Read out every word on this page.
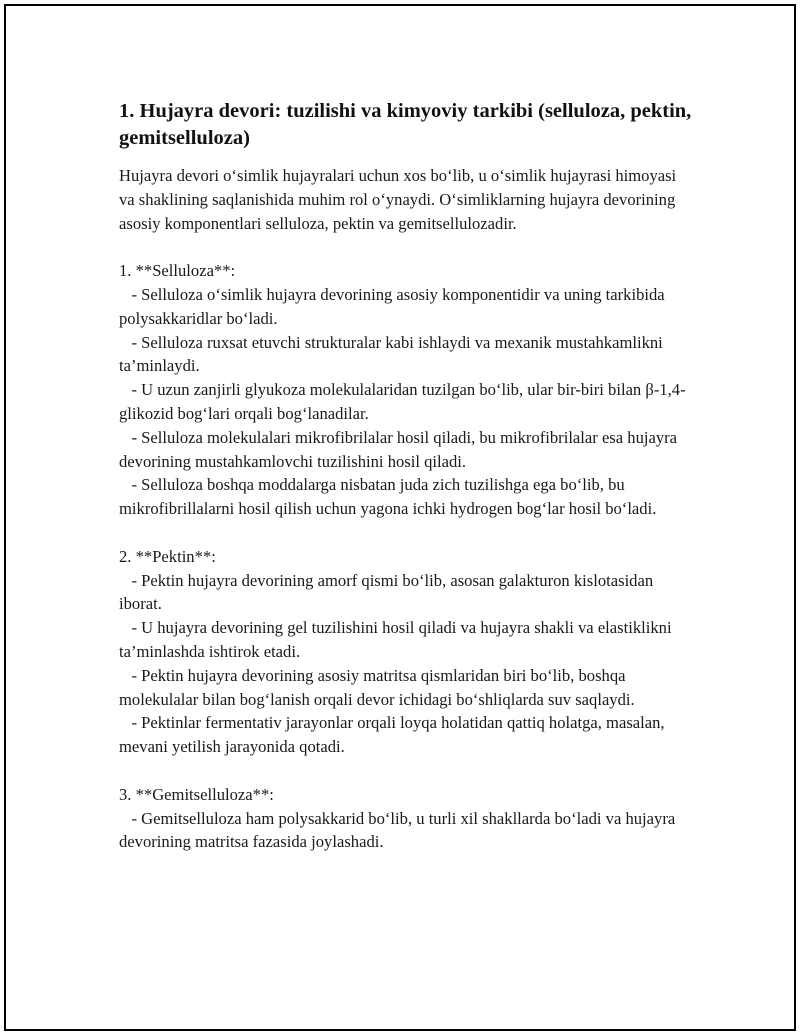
1. Hujayra devori: tuzilishi va kimyoviy tarkibi (selluloza, pektin, gemitselluloza)

Hujayra devori o‘simlik hujayralari uchun xos bo‘lib, u o‘simlik hujayrasi himoyasi va shaklining saqlanishida muhim rol o‘ynaydi. O‘simliklarning hujayra devorining asosiy komponentlari selluloza, pektin va gemitsellulozadir.

1. **Selluloza**:

- Selluloza o‘simlik hujayra devorining asosiy komponentidir va uning tarkibida polysakkaridlar bo‘ladi.

- Selluloza ruxsat etuvchi strukturalar kabi ishlaydi va mexanik mustahkamlikni ta’minlaydi.

- U uzun zanjirli glyukoza molekulalaridan tuzilgan bo‘lib, ular bir-biri bilan β-1,4-glikozid bog‘lari orqali bog‘lanadilar.

- Selluloza molekulalari mikrofibrilalar hosil qiladi, bu mikrofibrilalar esa hujayra devorining mustahkamlovchi tuzilishini hosil qiladi.

- Selluloza boshqa moddalarga nisbatan juda zich tuzilishga ega bo‘lib, bu mikrofibrillalarni hosil qilish uchun yagona ichki hydrogen bog‘lar hosil bo‘ladi.

2. **Pektin**:

- Pektin hujayra devorining amorf qismi bo‘lib, asosan galakturon kislotasidan iborat.

- U hujayra devorining gel tuzilishini hosil qiladi va hujayra shakli va elastiklikni ta’minlashda ishtirok etadi.

- Pektin hujayra devorining asosiy matritsa qismlaridan biri bo‘lib, boshqa molekulalar bilan bog‘lanish orqali devor ichidagi bo‘shliqlarda suv saqlaydi.

- Pektinlar fermentativ jarayonlar orqali loyqa holatidan qattiq holatga, masalan, mevani yetilish jarayonida qotadi.

3. **Gemitselluloza**:

- Gemitselluloza ham polysakkarid bo‘lib, u turli xil shakllarda bo‘ladi va hujayra devorining matritsa fazasida joylashadi.
